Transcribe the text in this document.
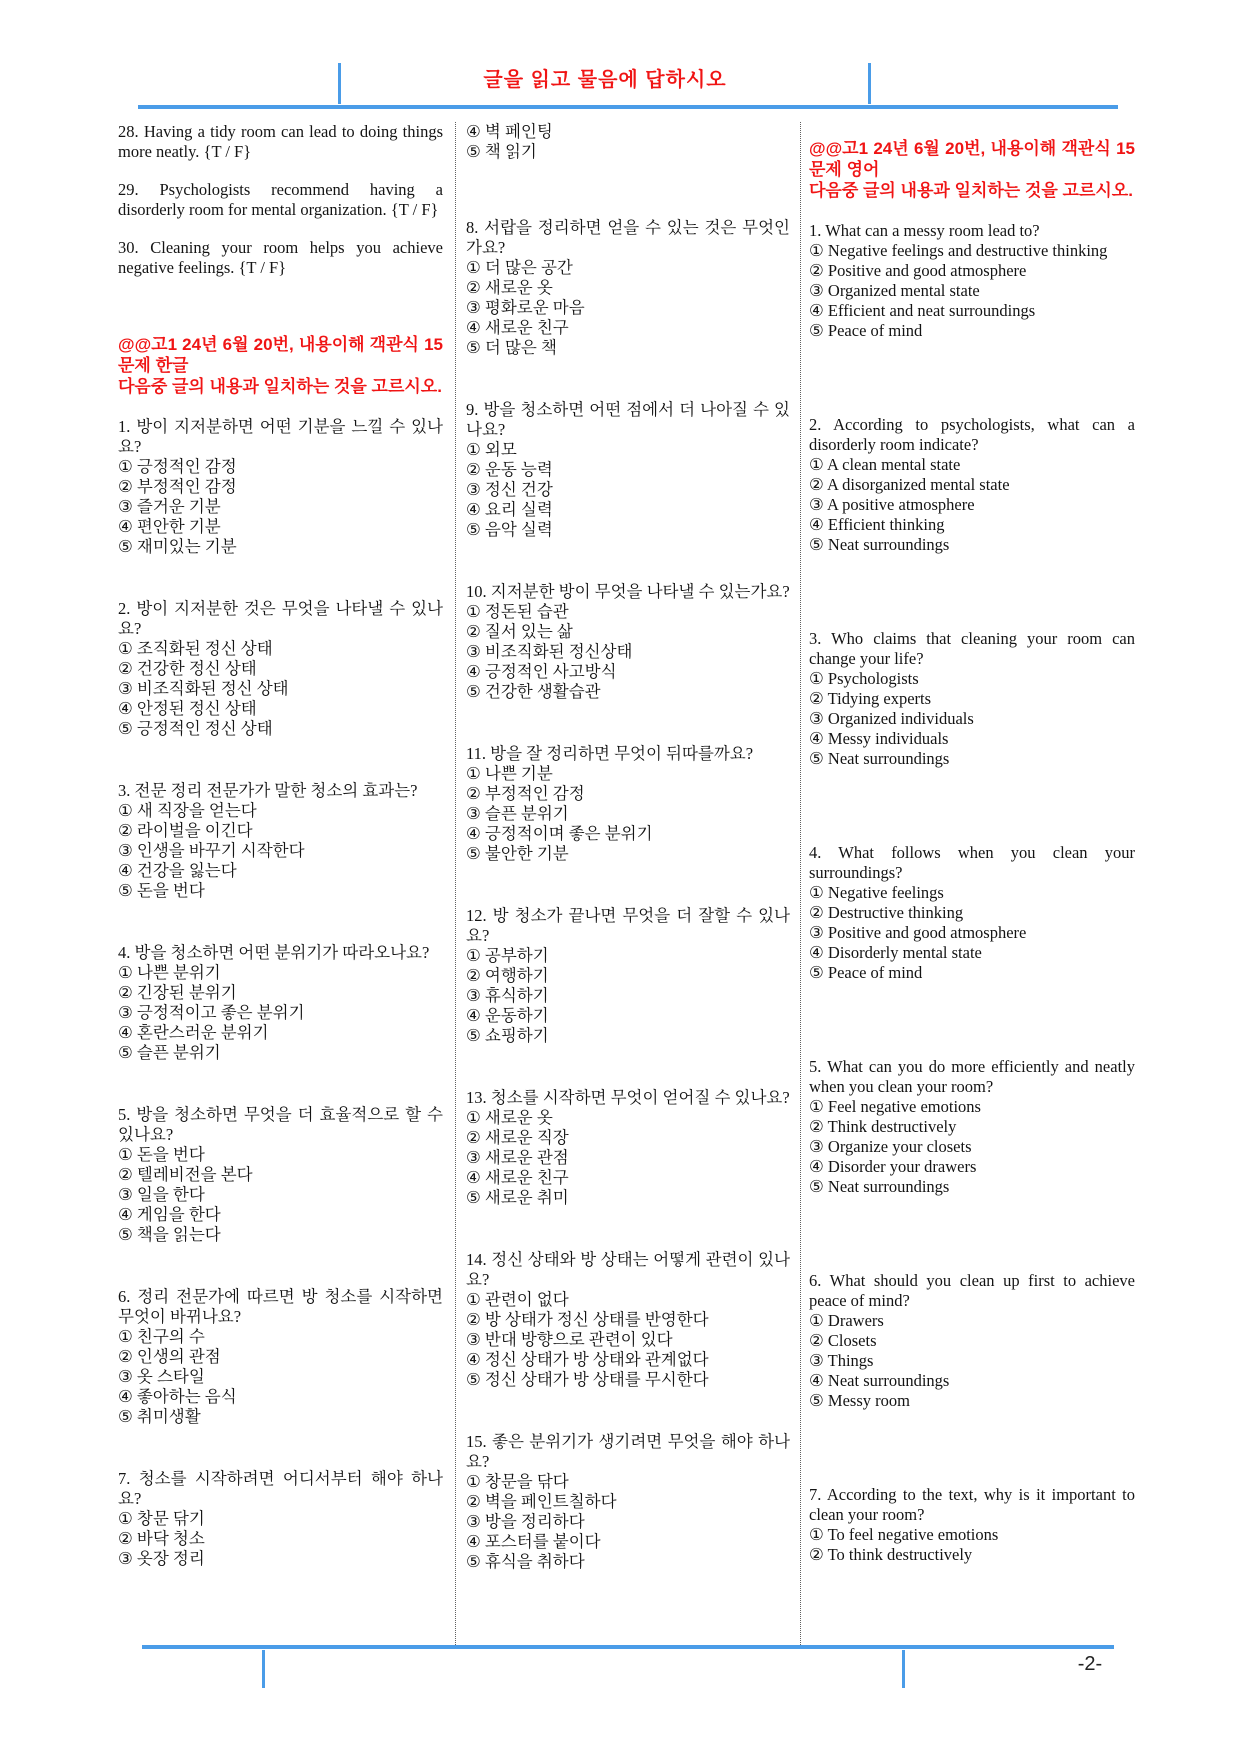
글을 읽고 물음에 답하시오
28. Having a tidy room can lead to doing things more neatly. {T / F}
29. Psychologists recommend having a disorderly room for mental organization. {T / F}
30. Cleaning your room helps you achieve negative feelings. {T / F}
@@고1 24년 6월 20번, 내용이해 객관식 15문제 한글
다음중 글의 내용과 일치하는 것을 고르시오.
1. 방이 지저분하면 어떤 기분을 느낄 수 있나요?
① 긍정적인 감정
② 부정적인 감정
③ 즐거운 기분
④ 편안한 기분
⑤ 재미있는 기분
2. 방이 지저분한 것은 무엇을 나타낼 수 있나요?
① 조직화된 정신 상태
② 건강한 정신 상태
③ 비조직화된 정신 상태
④ 안정된 정신 상태
⑤ 긍정적인 정신 상태
3. 전문 정리 전문가가 말한 청소의 효과는?
① 새 직장을 얻는다
② 라이벌을 이긴다
③ 인생을 바꾸기 시작한다
④ 건강을 잃는다
⑤ 돈을 번다
4. 방을 청소하면 어떤 분위기가 따라오나요?
① 나쁜 분위기
② 긴장된 분위기
③ 긍정적이고 좋은 분위기
④ 혼란스러운 분위기
⑤ 슬픈 분위기
5. 방을 청소하면 무엇을 더 효율적으로 할 수 있나요?
① 돈을 번다
② 텔레비전을 본다
③ 일을 한다
④ 게임을 한다
⑤ 책을 읽는다
6. 정리 전문가에 따르면 방 청소를 시작하면 무엇이 바뀌나요?
① 친구의 수
② 인생의 관점
③ 옷 스타일
④ 좋아하는 음식
⑤ 취미생활
7. 청소를 시작하려면 어디서부터 해야 하나요?
① 창문 닦기
② 바닥 청소
③ 옷장 정리
④ 벽 페인팅
⑤ 책 읽기
8. 서랍을 정리하면 얻을 수 있는 것은 무엇인가요?
① 더 많은 공간
② 새로운 옷
③ 평화로운 마음
④ 새로운 친구
⑤ 더 많은 책
9. 방을 청소하면 어떤 점에서 더 나아질 수 있나요?
① 외모
② 운동 능력
③ 정신 건강
④ 요리 실력
⑤ 음악 실력
10. 지저분한 방이 무엇을 나타낼 수 있는가요?
① 정돈된 습관
② 질서 있는 삶
③ 비조직화된 정신상태
④ 긍정적인 사고방식
⑤ 건강한 생활습관
11. 방을 잘 정리하면 무엇이 뒤따를까요?
① 나쁜 기분
② 부정적인 감정
③ 슬픈 분위기
④ 긍정적이며 좋은 분위기
⑤ 불안한 기분
12. 방 청소가 끝나면 무엇을 더 잘할 수 있나요?
① 공부하기
② 여행하기
③ 휴식하기
④ 운동하기
⑤ 쇼핑하기
13. 청소를 시작하면 무엇이 얻어질 수 있나요?
① 새로운 옷
② 새로운 직장
③ 새로운 관점
④ 새로운 친구
⑤ 새로운 취미
14. 정신 상태와 방 상태는 어떻게 관련이 있나요?
① 관련이 없다
② 방 상태가 정신 상태를 반영한다
③ 반대 방향으로 관련이 있다
④ 정신 상태가 방 상태와 관계없다
⑤ 정신 상태가 방 상태를 무시한다
15. 좋은 분위기가 생기려면 무엇을 해야 하나요?
① 창문을 닦다
② 벽을 페인트칠하다
③ 방을 정리하다
④ 포스터를 붙이다
⑤ 휴식을 취하다
@@고1 24년 6월 20번, 내용이해 객관식 15문제 영어
다음중 글의 내용과 일치하는 것을 고르시오.
1. What can a messy room lead to?
① Negative feelings and destructive thinking
② Positive and good atmosphere
③ Organized mental state
④ Efficient and neat surroundings
⑤ Peace of mind
2. According to psychologists, what can a disorderly room indicate?
① A clean mental state
② A disorganized mental state
③ A positive atmosphere
④ Efficient thinking
⑤ Neat surroundings
3. Who claims that cleaning your room can change your life?
① Psychologists
② Tidying experts
③ Organized individuals
④ Messy individuals
⑤ Neat surroundings
4. What follows when you clean your surroundings?
① Negative feelings
② Destructive thinking
③ Positive and good atmosphere
④ Disorderly mental state
⑤ Peace of mind
5. What can you do more efficiently and neatly when you clean your room?
① Feel negative emotions
② Think destructively
③ Organize your closets
④ Disorder your drawers
⑤ Neat surroundings
6. What should you clean up first to achieve peace of mind?
① Drawers
② Closets
③ Things
④ Neat surroundings
⑤ Messy room
7. According to the text, why is it important to clean your room?
① To feel negative emotions
② To think destructively
-2-
